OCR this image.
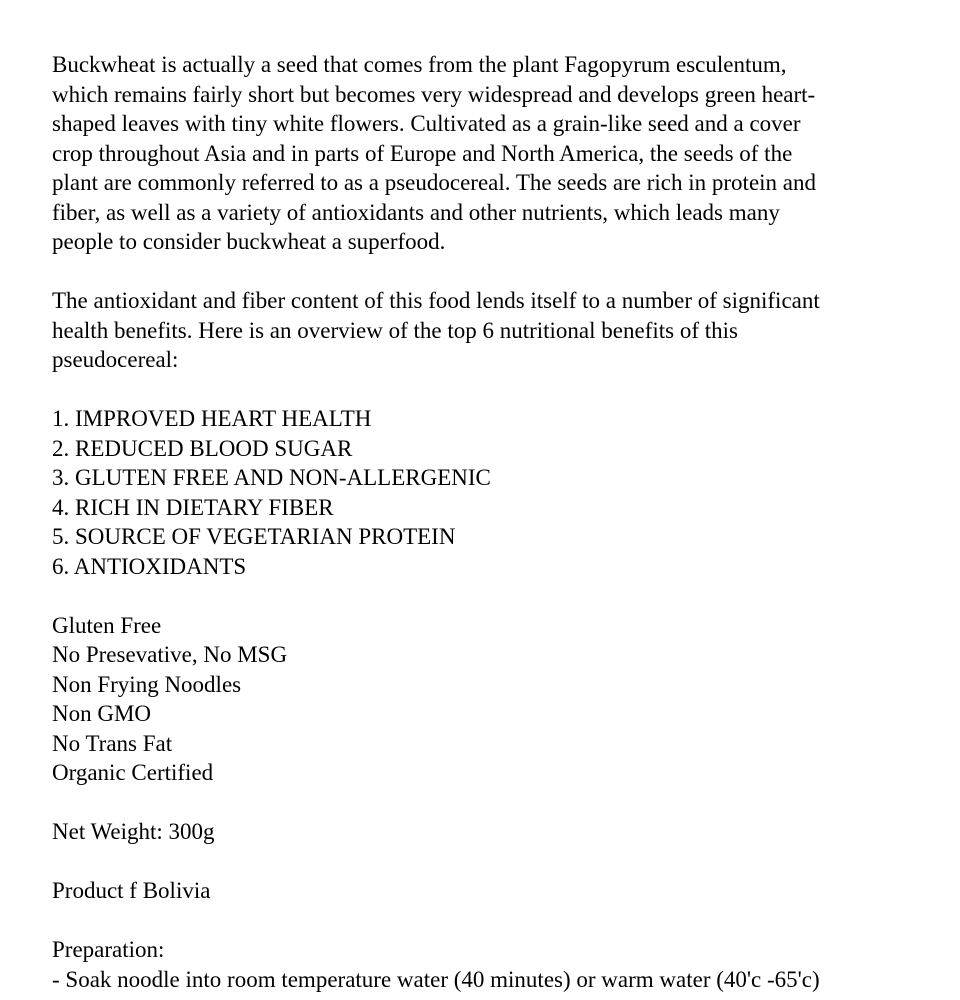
Buckwheat is actually a seed that comes from the plant Fagopyrum esculentum,
which remains fairly short but becomes very widespread and develops green heart-
shaped leaves with tiny white flowers. Cultivated as a grain-like seed and a cover
crop throughout Asia and in parts of Europe and North America, the seeds of the
plant are commonly referred to as a pseudocereal. The seeds are rich in protein and
fiber, as well as a variety of antioxidants and other nutrients, which leads many
people to consider buckwheat a superfood.

The antioxidant and fiber content of this food lends itself to a number of significant
health benefits. Here is an overview of the top 6 nutritional benefits of this
pseudocereal:

1. IMPROVED HEART HEALTH
2. REDUCED BLOOD SUGAR
3. GLUTEN FREE AND NON-ALLERGENIC
4. RICH IN DIETARY FIBER
5. SOURCE OF VEGETARIAN PROTEIN
6. ANTIOXIDANTS
Gluten Free
No Presevative, No MSG
Non Frying Noodles
Non GMO
No Trans Fat
Organic Certified
Net Weight: 300g
Product f Bolivia
Preparation:
- Soak noodle into room temperature water (40 minutes) or warm water (40'c -65'c)
